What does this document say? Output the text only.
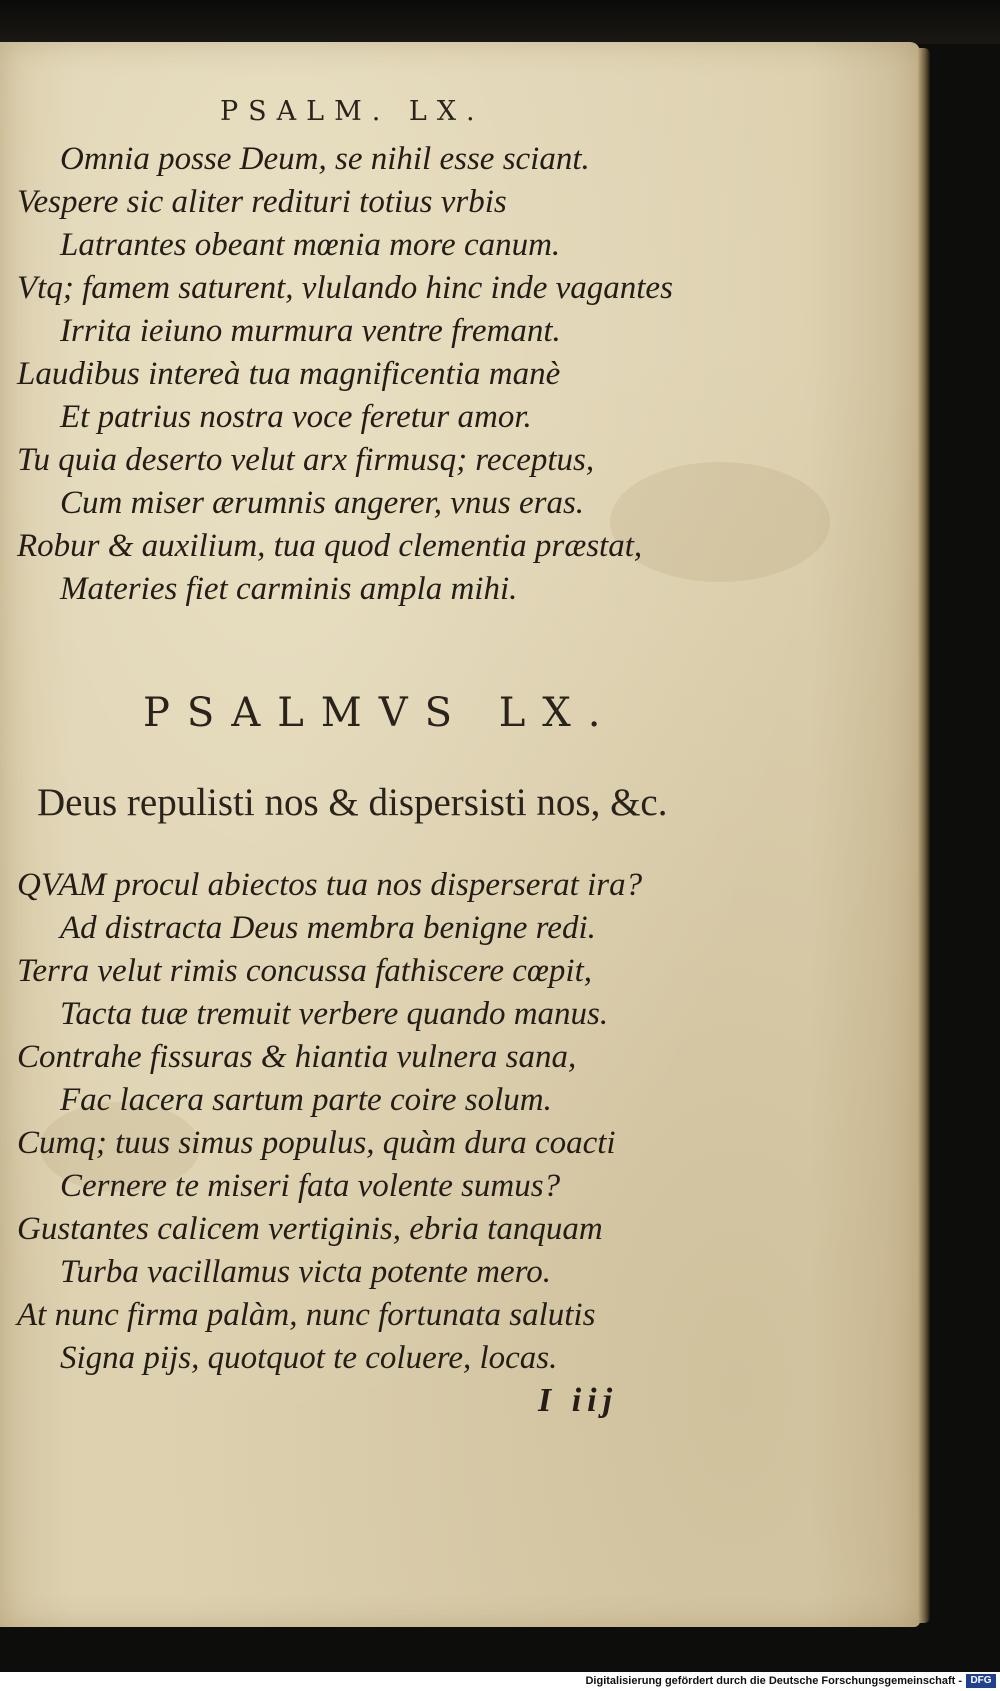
PSALM. LX.
Omnia posse Deum, se nihil esse sciant.
Vespere sic aliter redituri totius vrbis
Latrantes obeant mœnia more canum.
Vtq; famem saturent, vlulando hinc inde vagantes
Irrita ieiuno murmura ventre fremant.
Laudibus intereà tua magnificentia manè
Et patrius nostra voce feretur amor.
Tu quia deserto velut arx firmusq; receptus,
Cum miser ærumnis angerer, vnus eras.
Robur & auxilium, tua quod clementia præstat,
Materies fiet carminis ampla mihi.
PSALMVS LX.
Deus repulisti nos & dispersisti nos, &c.
QVAM procul abiectos tua nos disperserat ira?
Ad distracta Deus membra benigne redi.
Terra velut rimis concussa fathiscere cœpit,
Tacta tuæ tremuit verbere quando manus.
Contrahe fissuras & hiantia vulnera sana,
Fac lacera sartum parte coire solum.
Cumq; tuus simus populus, quàm dura coacti
Cernere te miseri fata volente sumus?
Gustantes calicem vertiginis, ebria tanquam
Turba vacillamus victa potente mero.
At nunc firma palàm, nunc fortunata salutis
Signa pijs, quotquot te coluere, locas.
I iij
Digitalisierung gefördert durch die Deutsche Forschungsgemeinschaft - DFG
